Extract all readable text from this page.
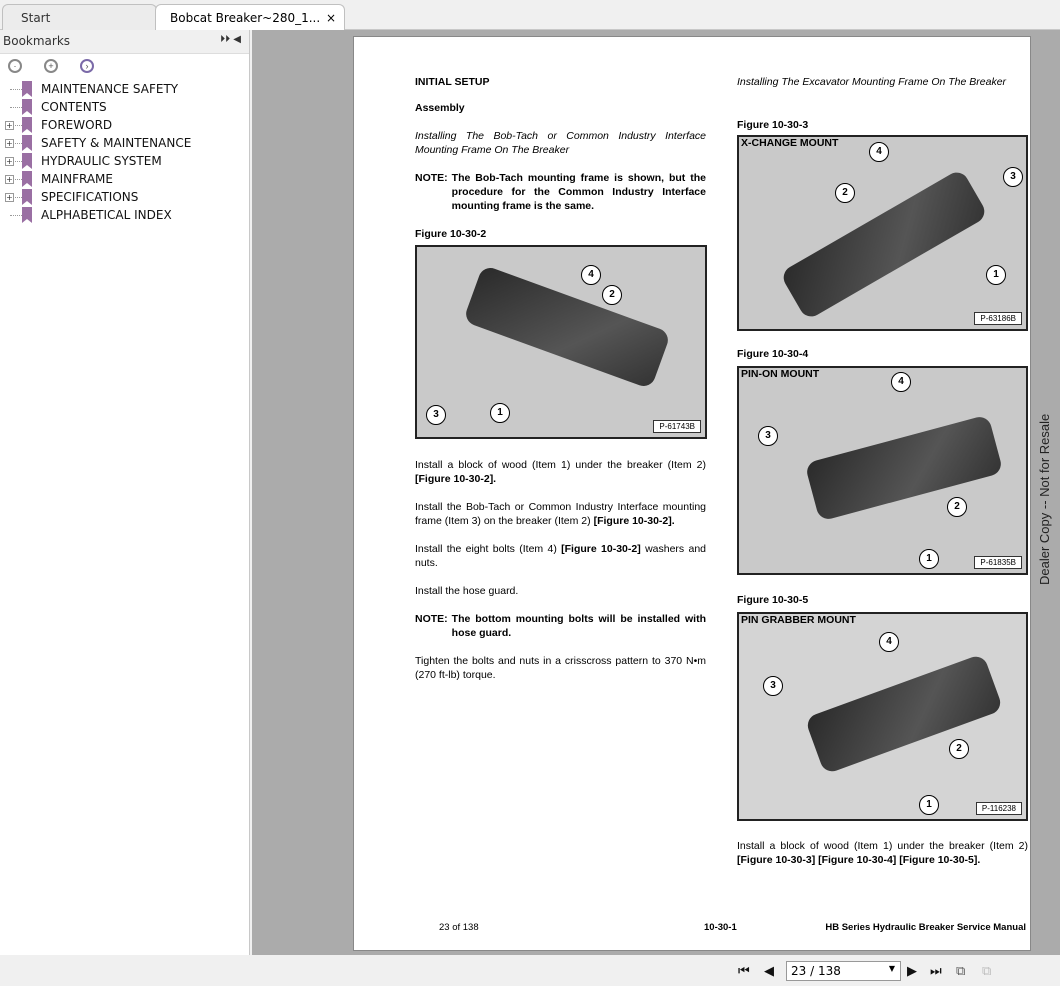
Start	Bobcat Breaker~280_1... ×
Bookmarks	⏵⏵ ◀
·	+	›
MAINTENANCE SAFETY
CONTENTS
+ FOREWORD
+ SAFETY & MAINTENANCE
+ HYDRAULIC SYSTEM
+ MAINFRAME
+ SPECIFICATIONS
ALPHABETICAL INDEX

INITIAL SETUP

Assembly

Installing The Bob-Tach or Common Industry Interface Mounting Frame On The Breaker

NOTE: The Bob-Tach mounting frame is shown, but the procedure for the Common Industry Interface mounting frame is the same.

Figure 10-30-2

4
2
3	1
P-61743B

Install a block of wood (Item 1) under the breaker (Item 2) [Figure 10-30-2].

Install the Bob-Tach or Common Industry Interface mounting frame (Item 3) on the breaker (Item 2) [Figure 10-30-2].

Install the eight bolts (Item 4) [Figure 10-30-2] washers and nuts.

Install the hose guard.

NOTE: The bottom mounting bolts will be installed with hose guard.

Tighten the bolts and nuts in a crisscross pattern to 370 N•m (270 ft-lb) torque.

Installing The Excavator Mounting Frame On The Breaker

Figure 10-30-3
X-CHANGE MOUNT
4
3
2
1
P-63186B
Figure 10-30-4
PIN-ON MOUNT
4
3
2
1	P-61835B
Figure 10-30-5
PIN GRABBER MOUNT
4
3
2
1	P-116238

Install a block of wood (Item 1) under the breaker (Item 2) [Figure 10-30-3] [Figure 10-30-4] [Figure 10-30-5].

23 of 138	10-30-1	HB Series Hydraulic Breaker Service Manual
Dealer Copy -- Not for Resale
⏮ ◀	23 / 138	▼ ▶ ⏭ ⧉ ⧉
